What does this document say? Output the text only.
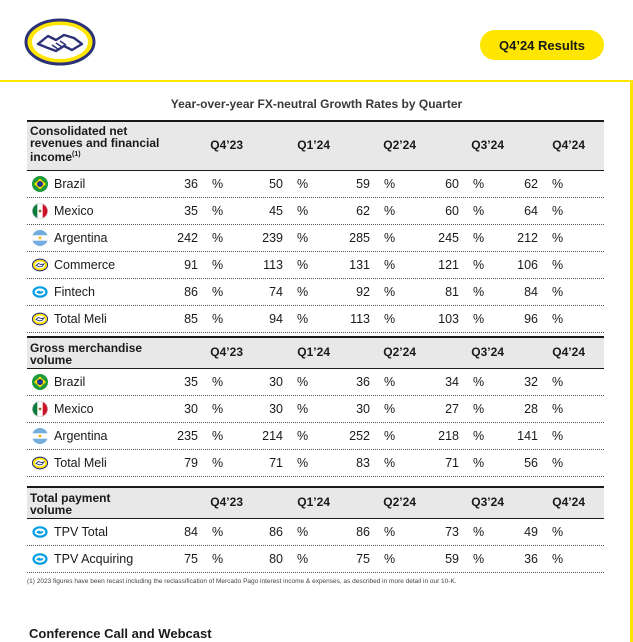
Q4’24 Results
Year-over-year FX-neutral Growth Rates by Quarter
Consolidated net
revenues and financial
income$^{(1)}$
Q4’23	Q1’24	Q2’24	Q3’24	Q4’24
Brazil	36 %	50 %	59 %	60 %	62 %
Mexico	35 %	45 %	62 %	60 %	64 %
Argentina	242 %	239 %	285 %	245 %	212 %
Commerce	91 %	113 %	131 %	121 %	106 %
Fintech	86 %	74 %	92 %	81 %	84 %
Total Meli	85 %	94 %	113 %	103 %	96 %
Gross merchandise
volume
Q4’23	Q1’24	Q2’24	Q3’24	Q4’24
Brazil	35 %	30 %	36 %	34 %	32 %
Mexico	30 %	30 %	30 %	27 %	28 %
Argentina	235 %	214 %	252 %	218 %	141 %
Total Meli	79 %	71 %	83 %	71 %	56 %
Total payment
volume
Q4’23	Q1’24	Q2’24	Q3’24	Q4’24
TPV Total	84 %	86 %	86 %	73 %	49 %
TPV Acquiring	75 %	80 %	75 %	59 %	36 %
(1) 2023 figures have been recast including the reclassification of Mercado Pago interest income & expenses, as described in more detail in our 10-K.
Conference Call and Webcast
